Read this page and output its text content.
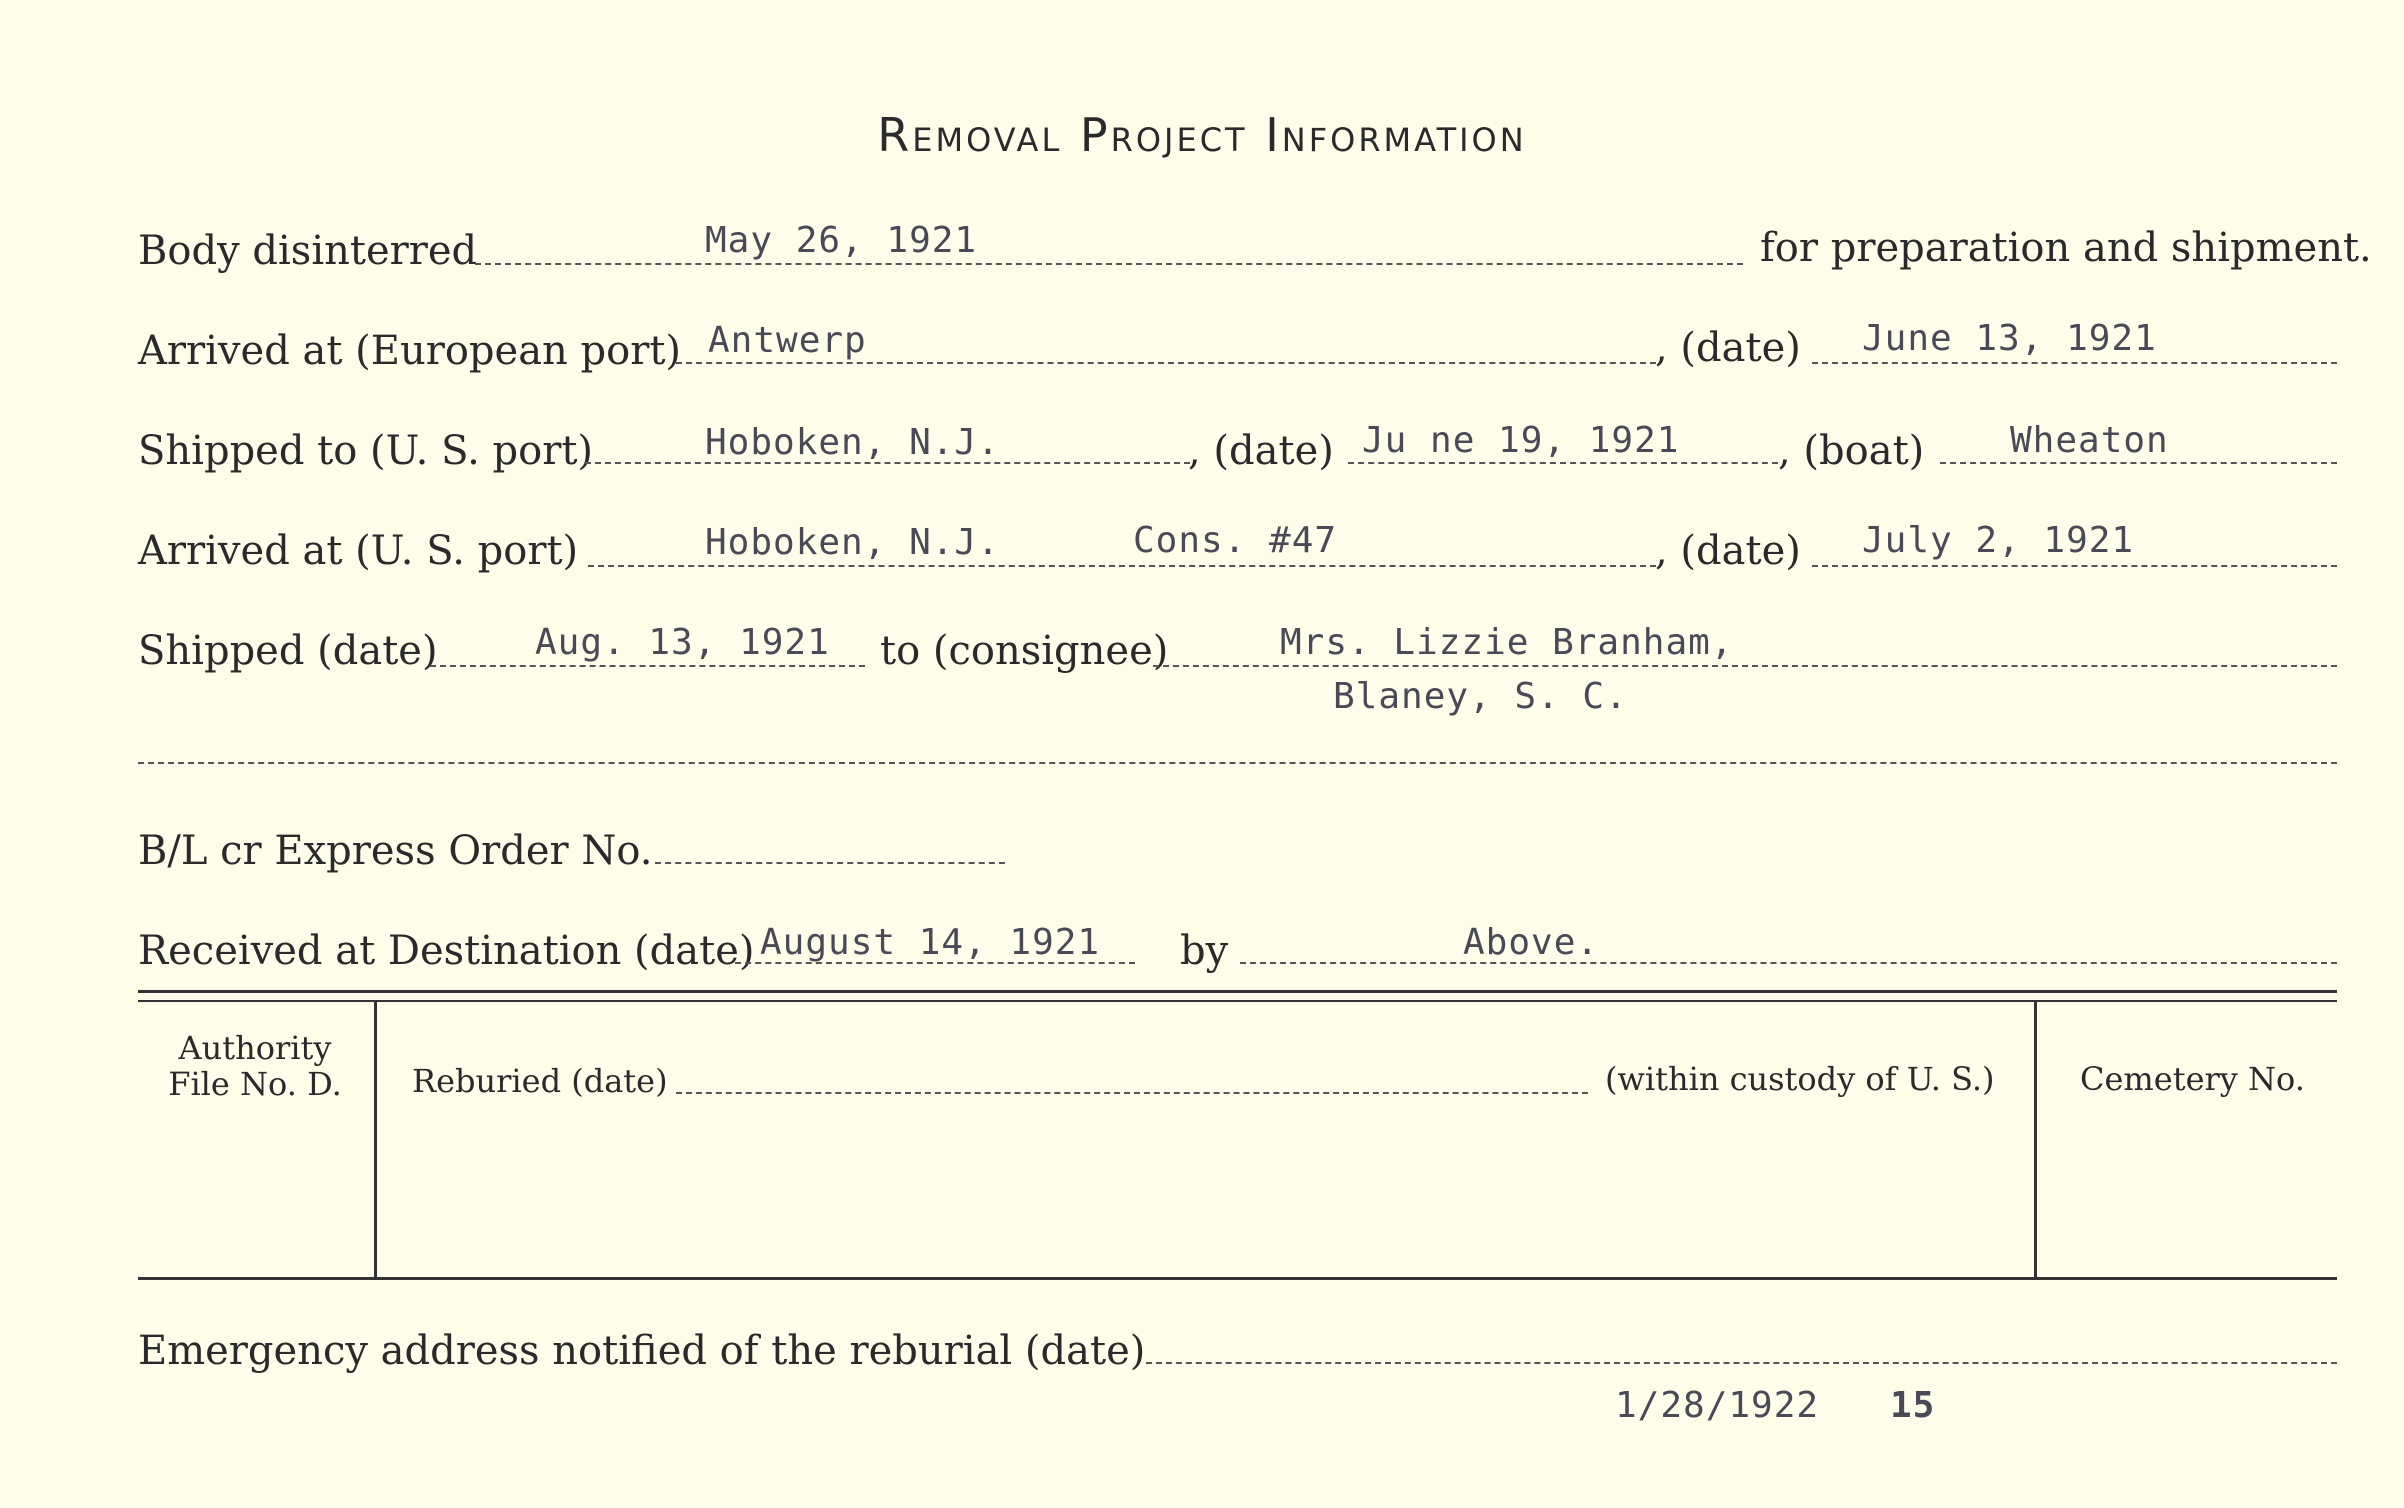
Removal Project Information
Body disinterred	May 26, 1921	for preparation and shipment.
Arrived at (European port) Antwerp	, (date) June 13, 1921
Shipped to (U. S. port)	Hoboken, N.J.	, (date) Ju ne 19, 1921 , (boat) Wheaton
Arrived at (U. S. port)	Hoboken, N.J.	Cons. #47	, (date) July 2, 1921
Shipped (date)	Aug. 13, 1921 to (consignee)	Mrs. Lizzie Branham,
Blaney, S. C.
B/L cr Express Order No.
Received at Destination (date) August 14, 1921 by	Above.
Authority File No. D. Reburied (date)	(within custody of U. S.)	Cemetery No.
Emergency address notified of the reburial (date)
1/28/1922 15
